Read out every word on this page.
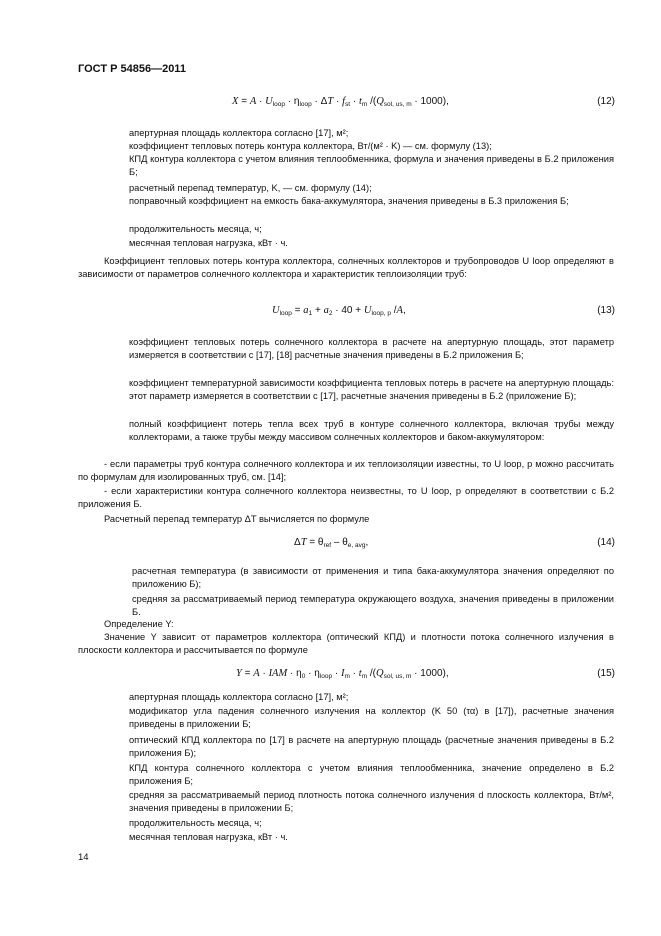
ГОСТ Р 54856—2011
$X = A \cdot U_{loop} \cdot \eta_{loop} \cdot \Delta T \cdot f_{st} \cdot t_m$ $/(Q_{sol, us, m} \cdot 1000)$,	(12)
апертурная площадь коллектора согласно [17], м²;
коэффициент тепловых потерь контура коллектора, Вт/(м² · K) — см. формулу (13);
КПД контура коллектора с учетом влияния теплообменника, формула и значения приведены в Б.2 приложения Б;
расчетный перепад температур, K, — см. формулу (14);
поправочный коэффициент на емкость бака-аккумулятора, значения приведены в Б.3 приложения Б;
продолжительность месяца, ч;
месячная тепловая нагрузка, кВт · ч.
Коэффициент тепловых потерь контура коллектора, солнечных коллекторов и трубопроводов U loop определяют в зависимости от параметров солнечного коллектора и характеристик теплоизоляции труб:
$U_{loop} = a_1 + a_2 \cdot 40 + U_{loop, p}$ /A,	(13)
коэффициент тепловых потерь солнечного коллектора в расчете на апертурную площадь, этот параметр измеряется в соответствии с [17], [18] расчетные значения приведены в Б.2 приложения Б;
коэффициент температурной зависимости коэффициента тепловых потерь в расчете на апертурную площадь: этот параметр измеряется в соответствии с [17], расчетные значения приведены в Б.2 (приложение Б);
полный коэффициент потерь тепла всех труб в контуре солнечного коллектора, включая трубы между коллекторами, а также трубы между массивом солнечных коллекторов и баком-аккумулятором:
- если параметры труб контура солнечного коллектора и их теплоизоляции известны, то U loop, p можно рассчитать по формулам для изолированных труб, см. [14];
- если характеристики контура солнечного коллектора неизвестны, то U loop, p определяют в соответствии с Б.2 приложения Б.
Расчетный перепад температур ΔT вычисляется по формуле
$\Delta T = \theta_{ref} - \theta_{e, avg}$,	(14)
расчетная температура (в зависимости от применения и типа бака-аккумулятора значения определяют по приложению Б);
средняя за рассматриваемый период температура окружающего воздуха, значения приведены в приложении Б.
Определение Y:
Значение Y зависит от параметров коллектора (оптический КПД) и плотности потока солнечного излучения в плоскости коллектора и рассчитывается по формуле
Y = A · IAM · $\eta_0 \cdot \eta_{loop} \cdot I_m \cdot t_m$ $/(Q_{sol, us, m} \cdot 1000)$,	(15)
апертурная площадь коллектора согласно [17], м²;
модификатор угла падения солнечного излучения на коллектор (K 50 (τα) в [17]), расчетные значения приведены в приложении Б;
оптический КПД коллектора по [17] в расчете на апертурную площадь (расчетные значения приведены в Б.2 приложения Б);
КПД контура солнечного коллектора с учетом влияния теплообменника, значение определено в Б.2 приложения Б;
средняя за рассматриваемый период плотность потока солнечного излучения d плоскость коллектора, Вт/м², значения приведены в приложении Б;
продолжительность месяца, ч;
месячная тепловая нагрузка, кВт · ч.
14
